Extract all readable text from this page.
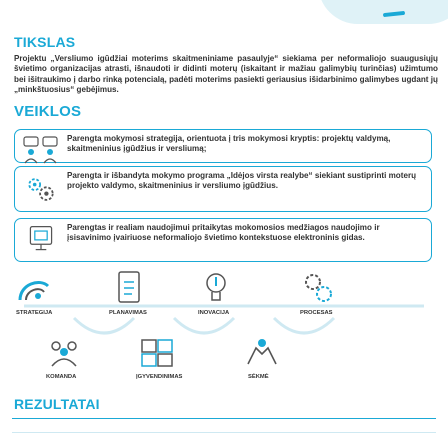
TIKSLAS

Projektu „Versliumo igūdžiai moterims skaitmeniniame pasaulyje“ siekiama per neformaliojo suaugusiųjų švietimo organizacijas atrasti, išnaudoti ir didinti moterų (iskaitant ir mažiau galimybių turinčias) užimtumo bei išitraukimo į darbo rinką potencialą, padėti moterims pasiekti geriausius išidarbinimo galimybes ugdant jų „minkštuosius“ gebėjimus.

VEIKLOS

Parengta mokymosi strategija, orientuota į tris mokymosi kryptis: projektų valdymą, skaitmeninius įgūdžius ir versliumą;

Parengta ir išbandyta mokymo programa „Idėjos virsta realybe“ siekiant sustiprinti moterų projekto valdymo, skaitmeninius ir versliumo įgūdžius.

Parengtas ir realiam naudojimui pritaikytas mokomosios medžiagos naudojimo ir įsisavinimo įvairiuose neformaliojo švietimo kontekstuose elektroninis gidas.

STRATEGIJA	PLANAVIMAS	INOVACIJA	PROCESAS
KOMANDA	ĮGYVENDINIMAS	SĖKMĖ
REZULTATAI
